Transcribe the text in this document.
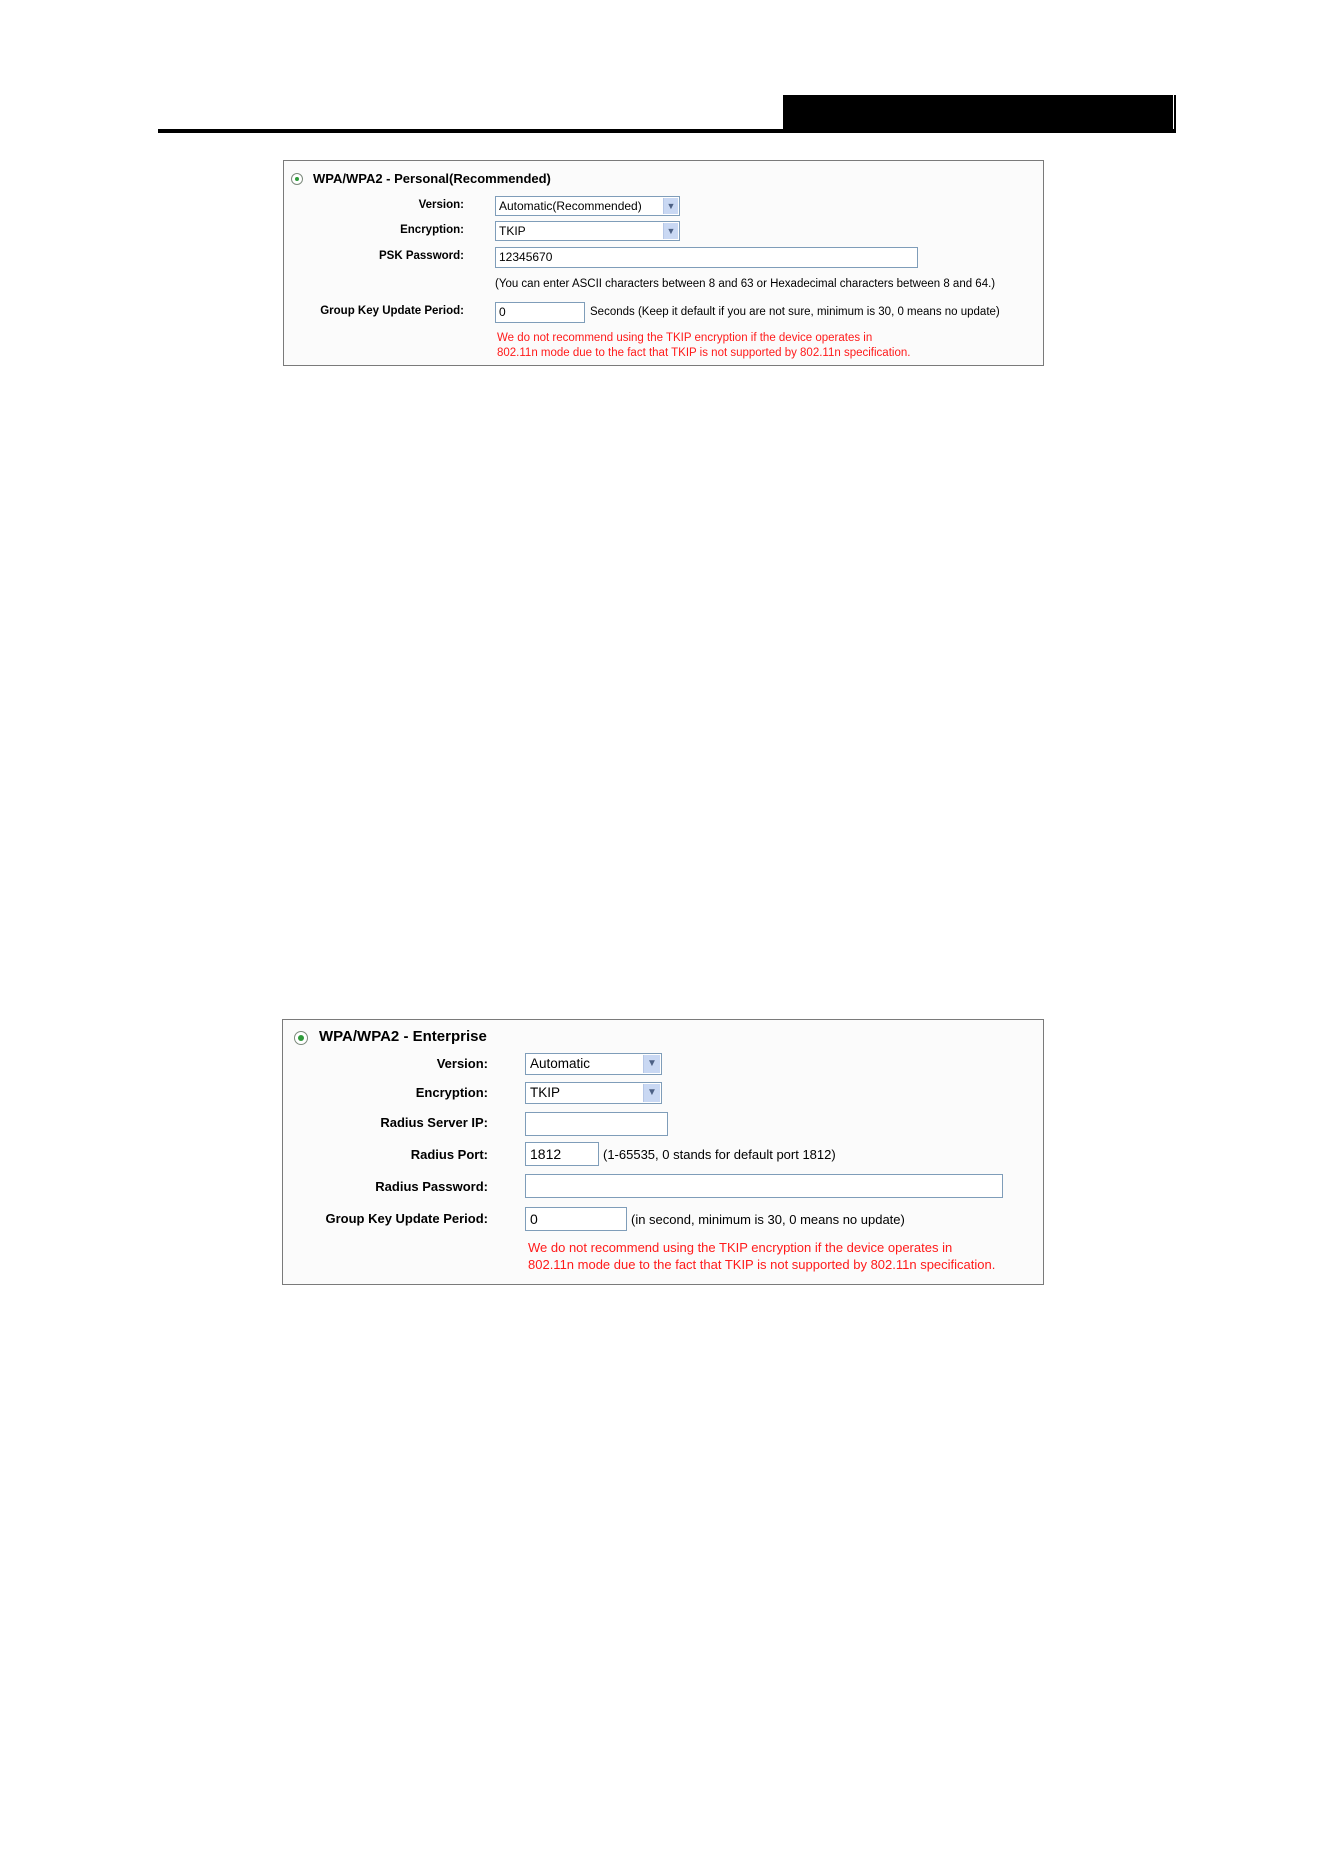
WPA/WPA2 - Personal(Recommended)
Version:	Automatic(Recommended)	▼
Encryption:	TKIP	▼
PSK Password:	12345670
(You can enter ASCII characters between 8 and 63 or Hexadecimal characters between 8 and 64.)
Group Key Update Period:	0	Seconds (Keep it default if you are not sure, minimum is 30, 0 means no update)
We do not recommend using the TKIP encryption if the device operates in
802.11n mode due to the fact that TKIP is not supported by 802.11n specification.
WPA/WPA2 - Enterprise
Version:	Automatic	▼
Encryption:	TKIP	▼
Radius Server IP:
Radius Port:	1812	(1-65535, 0 stands for default port 1812)
Radius Password:
Group Key Update Period:	0	(in second, minimum is 30, 0 means no update)
We do not recommend using the TKIP encryption if the device operates in
802.11n mode due to the fact that TKIP is not supported by 802.11n specification.
